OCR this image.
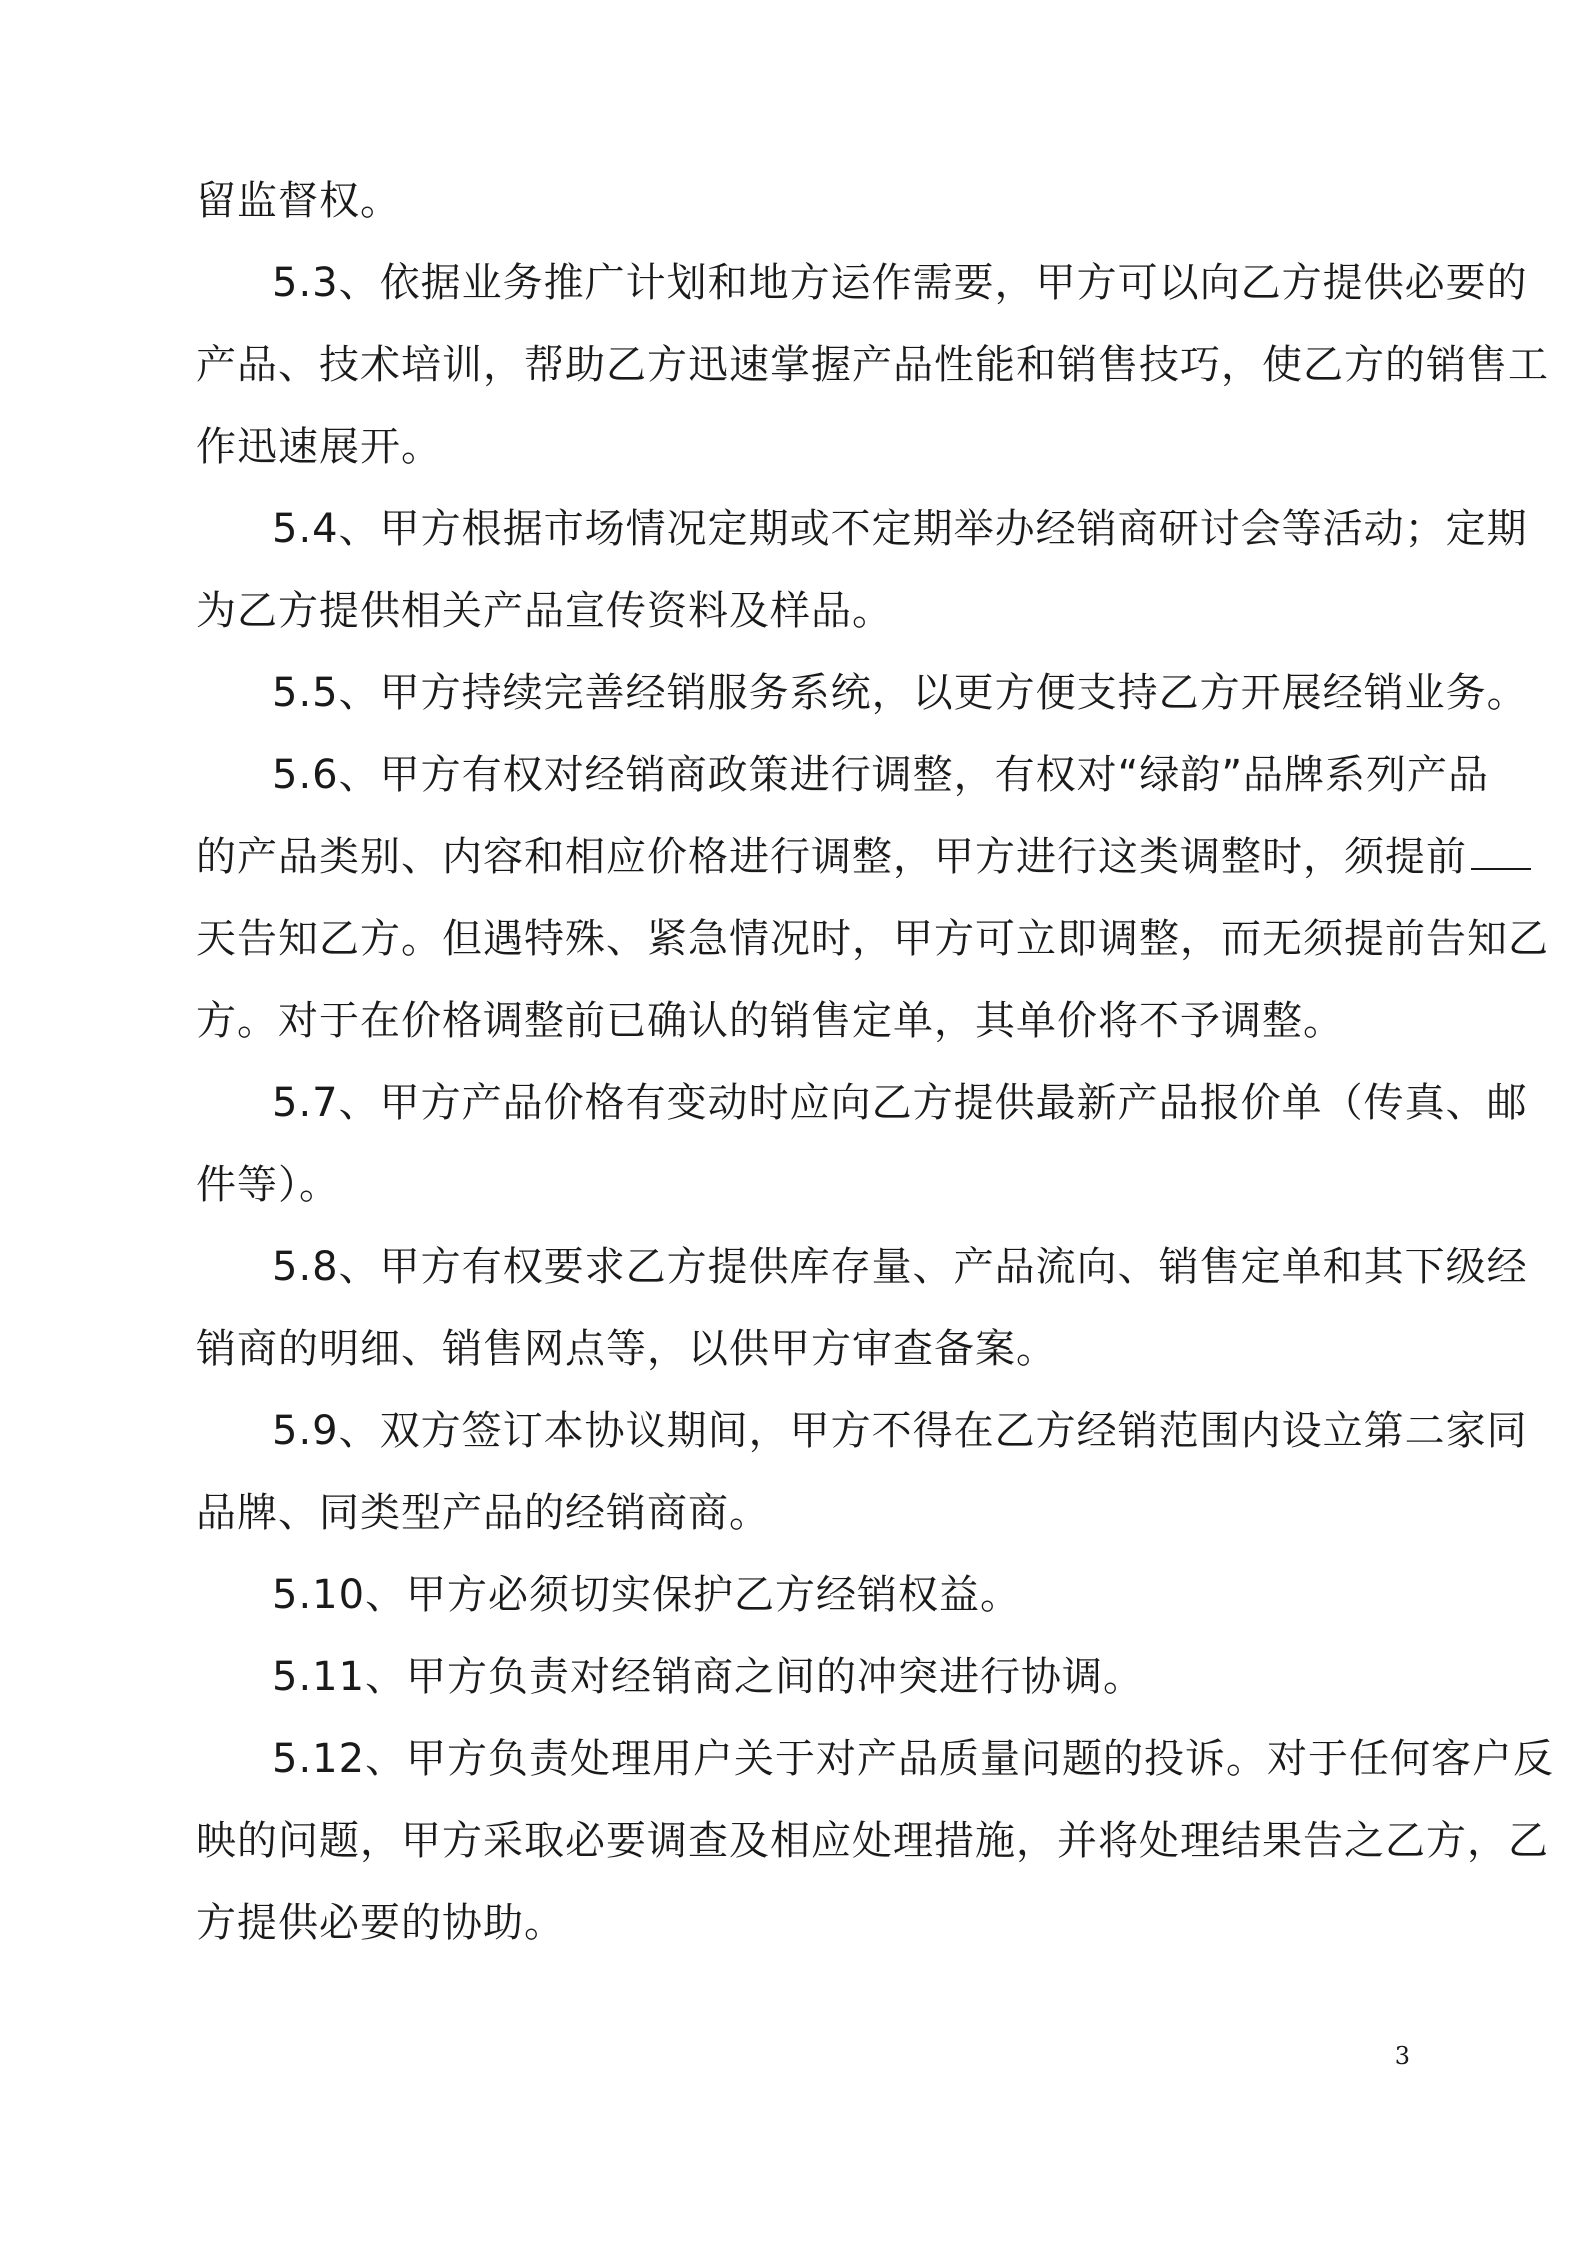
留监督权。
5.3、依据业务推广计划和地方运作需要，甲方可以向乙方提供必要的
产品、技术培训，帮助乙方迅速掌握产品性能和销售技巧，使乙方的销售工
作迅速展开。
5.4、甲方根据市场情况定期或不定期举办经销商研讨会等活动；定期
为乙方提供相关产品宣传资料及样品。
5.5、甲方持续完善经销服务系统，以更方便支持乙方开展经销业务。
5.6、甲方有权对经销商政策进行调整，有权对“绿韵”品牌系列产品
的产品类别、内容和相应价格进行调整，甲方进行这类调整时，须提前
天告知乙方。但遇特殊、紧急情况时，甲方可立即调整，而无须提前告知乙
方。对于在价格调整前已确认的销售定单，其单价将不予调整。
5.7、甲方产品价格有变动时应向乙方提供最新产品报价单（传真、邮
件等）。
5.8、甲方有权要求乙方提供库存量、产品流向、销售定单和其下级经
销商的明细、销售网点等，以供甲方审查备案。
5.9、双方签订本协议期间，甲方不得在乙方经销范围内设立第二家同
品牌、同类型产品的经销商商。
5.10、甲方必须切实保护乙方经销权益。
5.11、甲方负责对经销商之间的冲突进行协调。
5.12、甲方负责处理用户关于对产品质量问题的投诉。对于任何客户反
映的问题，甲方采取必要调查及相应处理措施，并将处理结果告之乙方，乙
方提供必要的协助。
3
